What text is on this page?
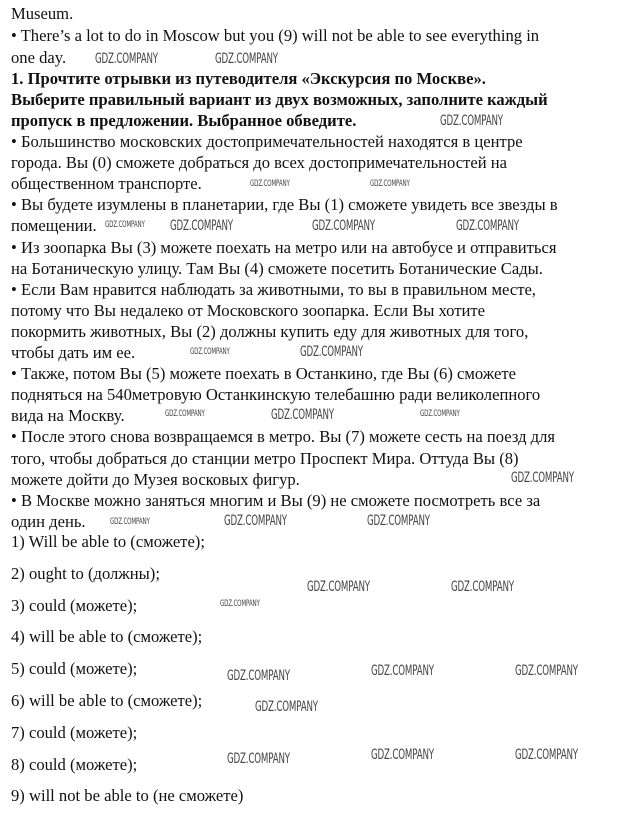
Museum.
• There’s a lot to do in Moscow but you (9) will not be able to see everything in
one day.
1. Прочтите отрывки из путеводителя «Экскурсия по Москве».
Выберите правильный вариант из двух возможных, заполните каждый
пропуск в предложении. Выбранное обведите.
• Большинство московских достопримечательностей находятся в центре
города. Вы (0) сможете добраться до всех достопримечательностей на
общественном транспорте.
• Вы будете изумлены в планетарии, где Вы (1) сможете увидеть все звезды в
помещении.
• Из зоопарка Вы (3) можете поехать на метро или на автобусе и отправиться
на Ботаническую улицу. Там Вы (4) сможете посетить Ботанические Сады.
• Если Вам нравится наблюдать за животными, то вы в правильном месте,
потому что Вы недалеко от Московского зоопарка. Если Вы хотите
покормить животных, Вы (2) должны купить еду для животных для того,
чтобы дать им ее.
• Также, потом Вы (5) можете поехать в Останкино, где Вы (6) сможете
подняться на 540метровую Останкинскую телебашню ради великолепного
вида на Москву.
• После этого снова возвращаемся в метро. Вы (7) можете сесть на поезд для
того, чтобы добраться до станции метро Проспект Мира. Оттуда Вы (8)
можете дойти до Музея восковых фигур.
• В Москве можно заняться многим и Вы (9) не сможете посмотреть все за
один день.
1) Will be able to (сможете);
2) ought to (должны);
3) could (можете);
4) will be able to (сможете);
5) could (можете);
6) will be able to (сможете);
7) could (можете);
8) could (можете);
9) will not be able to (не сможете)
GDZ.COMPANY	GDZ.COMPANY
GDZ.COMPANY
GDZ.COMPANY	GDZ.COMPANY
GDZ.COMPANY GDZ.COMPANY	GDZ.COMPANY	GDZ.COMPANY
GDZ.COMPANY
GDZ.COMPANY
GDZ.COMPANY	GDZ.COMPANY	GDZ.COMPANY
GDZ.COMPANY
GDZ.COMPANY	GDZ.COMPANY	GDZ.COMPANY
GDZ.COMPANY	GDZ.COMPANY
GDZ.COMPANY
GDZ.COMPANY	GDZ.COMPANY	GDZ.COMPANY
GDZ.COMPANY
GDZ.COMPANY	GDZ.COMPANY	GDZ.COMPANY
